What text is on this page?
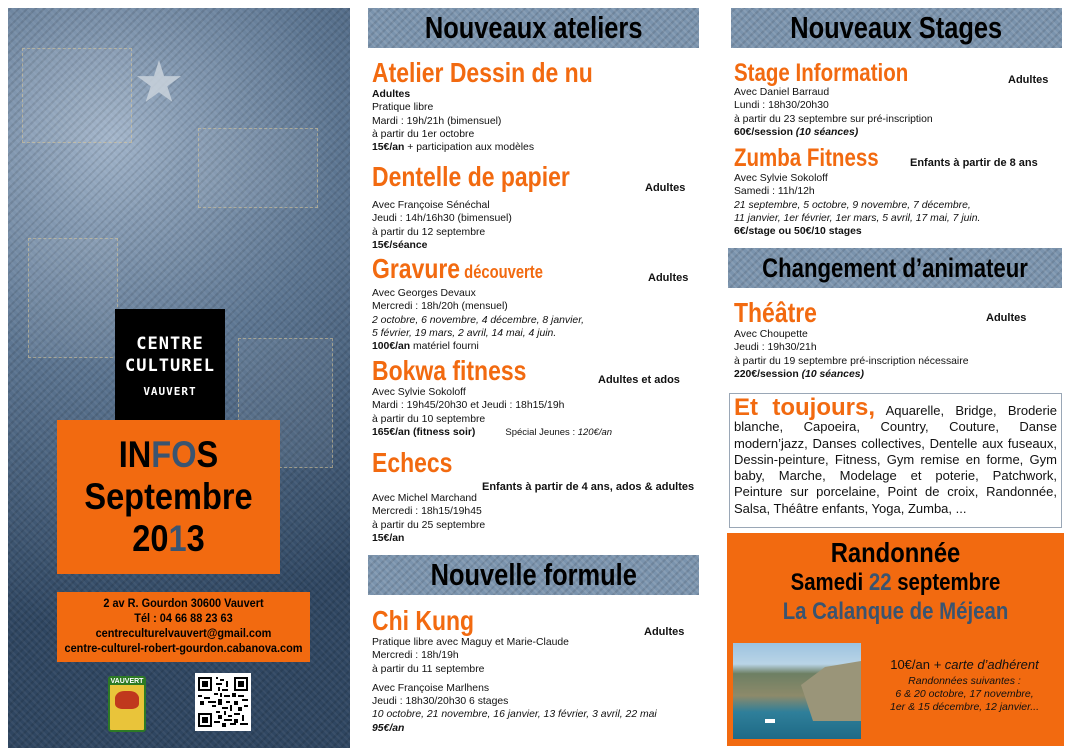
CENTRE
CULTUREL
VAUVERT
INFOS
Septembre
2013
2 av R. Gourdon 30600 Vauvert
Tél : 04 66 88 23 63
centreculturelvauvert@gmail.com
centre-culturel-robert-gourdon.cabanova.com
VAUVERT
Nouveaux ateliers
Atelier Dessin de nu
Adultes
Pratique libre
Mardi : 19h/21h (bimensuel)
à partir du 1er octobre
15€/an + participation aux modèles
Dentelle de papier	Adultes
Avec Françoise Sénéchal
Jeudi : 14h/16h30 (bimensuel)
à partir du 12 septembre
15€/séance
Gravure découverte	Adultes
Avec Georges Devaux
Mercredi : 18h/20h (mensuel)
2 octobre, 6 novembre, 4 décembre, 8 janvier,
5 février, 19 mars, 2 avril, 14 mai, 4 juin.
100€/an matériel fourni
Bokwa fitness	Adultes et ados
Avec Sylvie Sokoloff
Mardi : 19h45/20h30 et Jeudi : 18h15/19h
à partir du 10 septembre
165€/an (fitness soir)	Spécial Jeunes : 120€/an
Echecs
Enfants à partir de 4 ans, ados & adultes
Avec Michel Marchand
Mercredi : 18h15/19h45
à partir du 25 septembre
15€/an
Nouvelle formule
Chi Kung	Adultes
Pratique libre avec Maguy et Marie-Claude
Mercredi : 18h/19h
à partir du 11 septembre
Avec Françoise Marlhens
Jeudi : 18h30/20h30 6 stages
10 octobre, 21 novembre, 16 janvier, 13 février, 3 avril, 22 mai
95€/an
Nouveaux Stages
Stage Information	Adultes
Avec Daniel Barraud
Lundi : 18h30/20h30
à partir du 23 septembre sur pré-inscription
60€/session (10 séances)
Zumba Fitness	Enfants à partir de 8 ans
Avec Sylvie Sokoloff
Samedi : 11h/12h
21 septembre, 5 octobre, 9 novembre, 7 décembre,
11 janvier, 1er février, 1er mars, 5 avril, 17 mai, 7 juin.
6€/stage ou 50€/10 stages
Changement d’animateur
Théâtre	Adultes
Avec Choupette
Jeudi : 19h30/21h
à partir du 19 septembre pré-inscription nécessaire
220€/session (10 séances)
Et toujours, Aquarelle, Bridge, Broderie blanche, Capoeira, Country, Couture, Danse modern’jazz, Danses collectives, Dentelle aux fuseaux, Dessin-peinture, Fitness, Gym remise en forme, Gym baby, Marche, Modelage et poterie, Patchwork, Peinture sur porcelaine, Point de croix, Randonnée, Salsa, Théâtre enfants, Yoga, Zumba, ...
Randonnée
Samedi 22 septembre
La Calanque de Méjean
10€/an + carte d’adhérent
Randonnées suivantes :
6 & 20 octobre, 17 novembre,
1er & 15 décembre, 12 janvier...
